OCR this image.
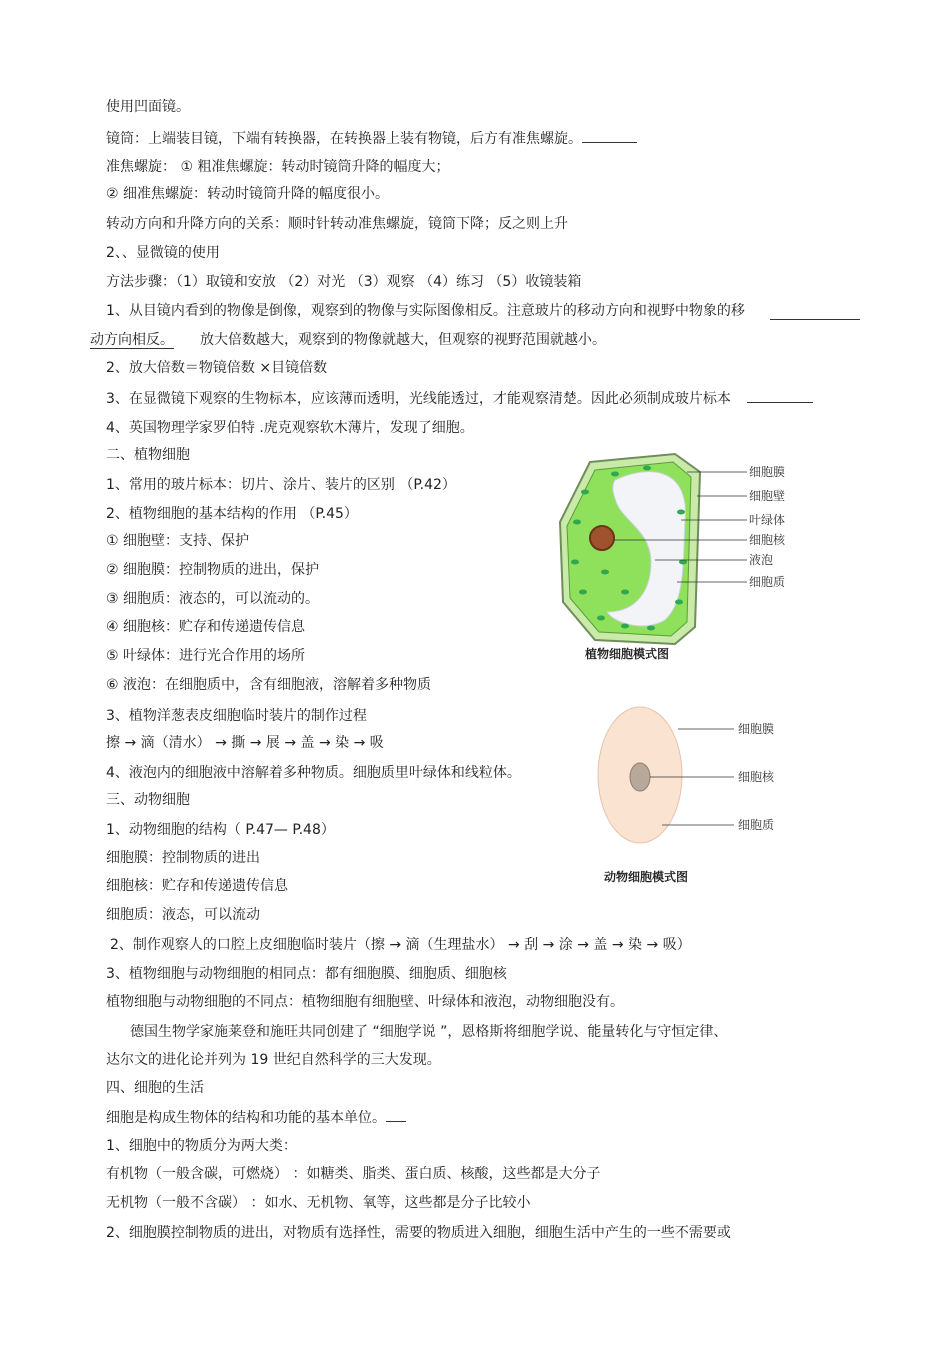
使用凹面镜。
镜筒：上端装目镜，下端有转换器，在转换器上装有物镜，后方有准焦螺旋。
准焦螺旋： ① 粗准焦螺旋：转动时镜筒升降的幅度大；
② 细准焦螺旋：转动时镜筒升降的幅度很小。
转动方向和升降方向的关系：顺时针转动准焦螺旋，镜筒下降；反之则上升
2、、显微镜的使用
方法步骤：（1）取镜和安放 （2）对光 （3）观察 （4）练习 （5）收镜装箱
1、从目镜内看到的物像是倒像，观察到的物像与实际图像相反。注意玻片的移动方向和视野中物象的移
动方向相反。 放大倍数越大，观察到的物像就越大，但观察的视野范围就越小。
2、放大倍数＝物镜倍数 ×目镜倍数
3、在显微镜下观察的生物标本，应该薄而透明，光线能透过，才能观察清楚。因此必须制成玻片标本
4、英国物理学家罗伯特 .虎克观察软木薄片，发现了细胞。
二、植物细胞
1、常用的玻片标本：切片、涂片、装片的区别 （P.42）
2、植物细胞的基本结构的作用 （P.45）
① 细胞壁：支持、保护
② 细胞膜：控制物质的进出，保护
③ 细胞质：液态的，可以流动的。
④ 细胞核：贮存和传递遗传信息
⑤ 叶绿体：进行光合作用的场所
⑥ 液泡：在细胞质中，含有细胞液，溶解着多种物质
3、植物洋葱表皮细胞临时装片的制作过程
擦 → 滴（清水） → 撕 → 展 → 盖 → 染 → 吸
4、液泡内的细胞液中溶解着多种物质。细胞质里叶绿体和线粒体。
三、动物细胞
1、动物细胞的结构（ P.47— P.48）
细胞膜：控制物质的进出
细胞核：贮存和传递遗传信息
细胞质：液态，可以流动
2、制作观察人的口腔上皮细胞临时装片（擦 → 滴（生理盐水） → 刮 → 涂 → 盖 → 染 → 吸）
3、植物细胞与动物细胞的相同点：都有细胞膜、细胞质、细胞核
植物细胞与动物细胞的不同点：植物细胞有细胞壁、叶绿体和液泡，动物细胞没有。
德国生物学家施莱登和施旺共同创建了 “细胞学说 ”，恩格斯将细胞学说、能量转化与守恒定律、
达尔文的进化论并列为 19 世纪自然科学的三大发现。
四、细胞的生活
细胞是构成生物体的结构和功能的基本单位。
1、细胞中的物质分为两大类：
有机物（一般含碳，可燃烧） ：如糖类、脂类、蛋白质、核酸，这些都是大分子
无机物（一般不含碳） ：如水、无机物、氧等，这些都是分子比较小
2、细胞膜控制物质的进出，对物质有选择性，需要的物质进入细胞，细胞生活中产生的一些不需要或
细胞膜
细胞壁
叶绿体
细胞核
液泡
细胞质
植物细胞模式图
细胞膜
细胞核
细胞质
动物细胞模式图
